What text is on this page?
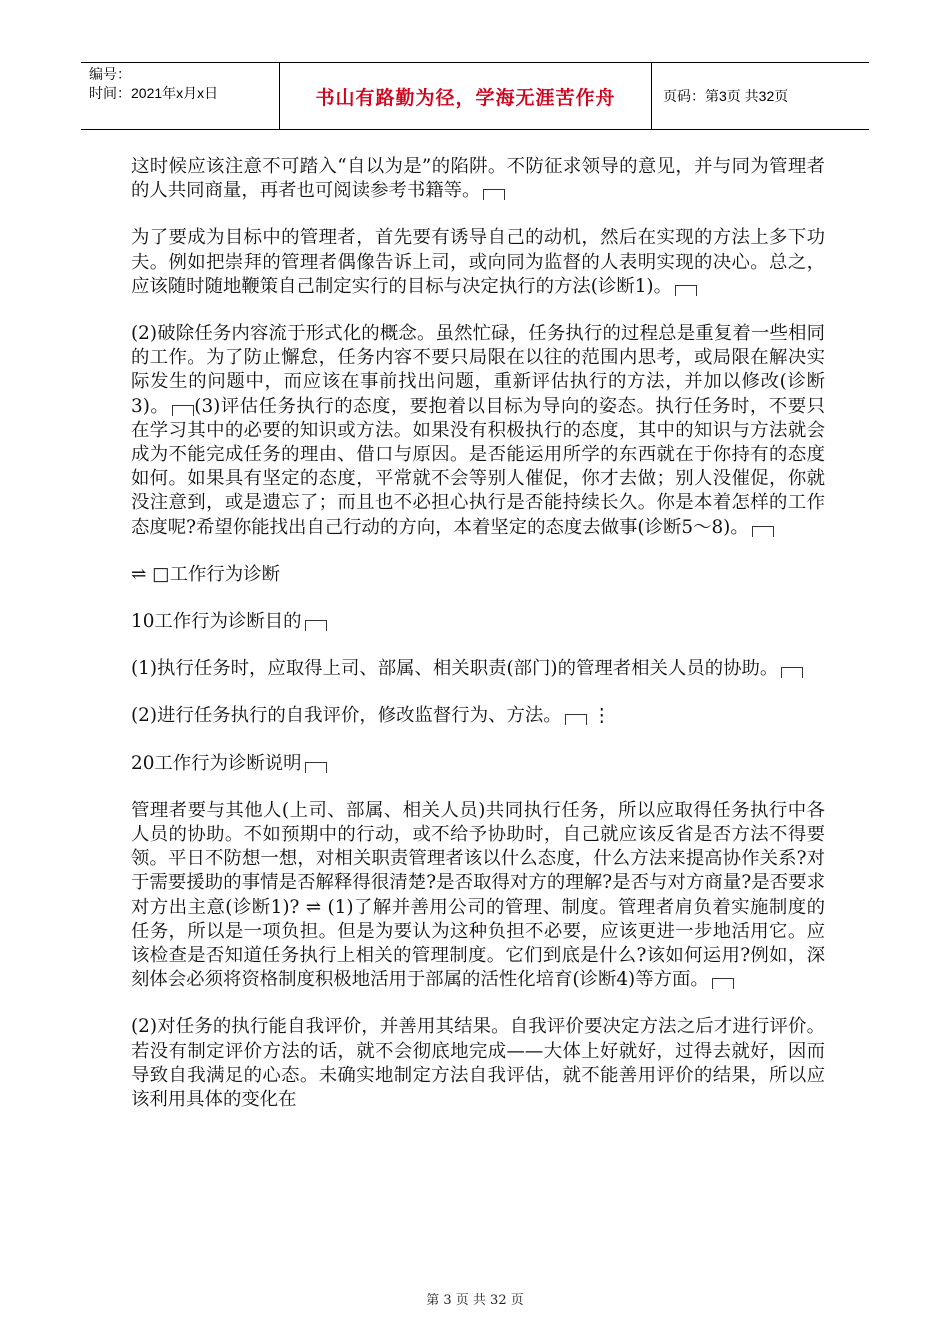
编号：
时间：2021年x月x日	书山有路勤为径，学海无涯苦作舟	页码：第3页 共32页

这时候应该注意不可踏入“自以为是”的陷阱。不防征求领导的意见，并与同为管理者的人共同商量，再者也可阅读参考书籍等。

为了要成为目标中的管理者，首先要有诱导自己的动机，然后在实现的方法上多下功夫。例如把崇拜的管理者偶像告诉上司，或向同为监督的人表明实现的决心。总之，应该随时随地鞭策自己制定实行的目标与决定执行的方法(诊断1)。

(2)破除任务内容流于形式化的概念。虽然忙碌，任务执行的过程总是重复着一些相同的工作。为了防止懈怠，任务内容不要只局限在以往的范围内思考，或局限在解决实际发生的问题中，而应该在事前找出问题，重新评估执行的方法，并加以修改(诊断3)。 (3)评估任务执行的态度，要抱着以目标为导向的姿态。执行任务时，不要只在学习其中的必要的知识或方法。如果没有积极执行的态度，其中的知识与方法就会成为不能完成任务的理由、借口与原因。是否能运用所学的东西就在于你持有的态度如何。如果具有坚定的态度，平常就不会等别人催促，你才去做；别人没催促，你就没注意到，或是遗忘了；而且也不必担心执行是否能持续长久。你是本着怎样的工作态度呢?希望你能找出自己行动的方向，本着坚定的态度去做事(诊断5～8)。

⇌ □工作行为诊断

10工作行为诊断目的

(1)执行任务时，应取得上司、部属、相关职责(部门)的管理者相关人员的协助。

(2)进行任务执行的自我评价，修改监督行为、方法。 ⋮

20工作行为诊断说明

管理者要与其他人(上司、部属、相关人员)共同执行任务，所以应取得任务执行中各人员的协助。不如预期中的行动，或不给予协助时，自己就应该反省是否方法不得要领。平日不防想一想，对相关职责管理者该以什么态度，什么方法来提高协作关系?对于需要援助的事情是否解释得很清楚?是否取得对方的理解?是否与对方商量?是否要求对方出主意(诊断1)? ⇌ (1)了解并善用公司的管理、制度。管理者肩负着实施制度的任务，所以是一项负担。但是为要认为这种负担不必要，应该更进一步地活用它。应该检查是否知道任务执行上相关的管理制度。它们到底是什么?该如何运用?例如，深刻体会必须将资格制度积极地活用于部属的活性化培育(诊断4)等方面。

(2)对任务的执行能自我评价，并善用其结果。自我评价要决定方法之后才进行评价。若没有制定评价方法的话，就不会彻底地完成——大体上好就好，过得去就好，因而导致自我满足的心态。未确实地制定方法自我评估，就不能善用评价的结果，所以应该利用具体的变化在

第 3 页 共 32 页
